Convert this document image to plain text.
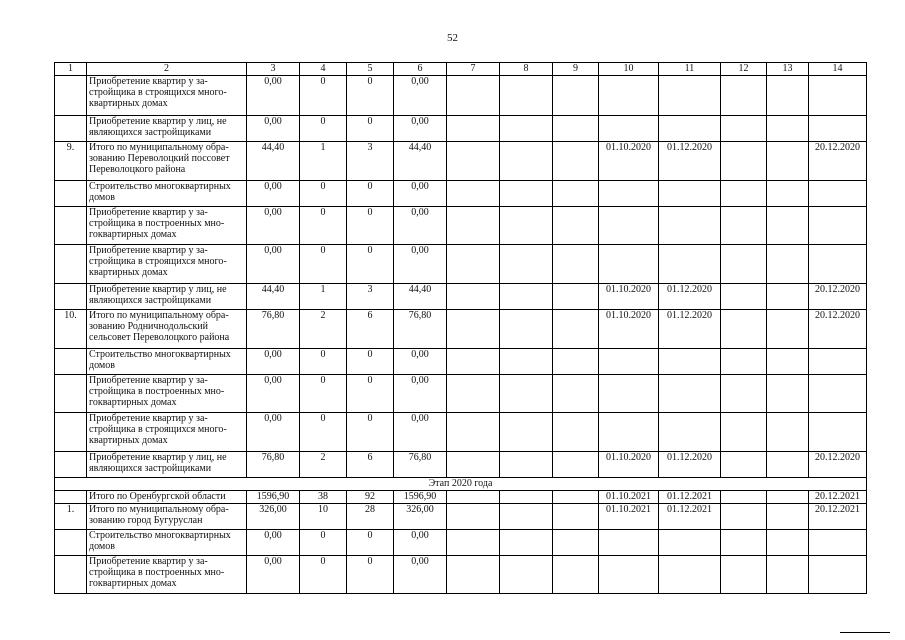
52
1	2	3	4	5	6	7	8	9	10	11	12	13	14
	Приобретение квартир у за-стройщика в строящихся много-квартирных домах	0,00	0	0	0,00								
	Приобретение квартир у лиц, не являющихся застройщиками	0,00	0	0	0,00								
9.	Итого по муниципальному обра-зованию Переволоцкий поссовет Переволоцкого района	44,40	1	3	44,40				01.10.2020	01.12.2020			20.12.2020
	Строительство многоквартирных домов	0,00	0	0	0,00								
	Приобретение квартир у за-стройщика в построенных мно-гоквартирных домах	0,00	0	0	0,00								
	Приобретение квартир у за-стройщика в строящихся много-квартирных домах	0,00	0	0	0,00								
	Приобретение квартир у лиц, не являющихся застройщиками	44,40	1	3	44,40				01.10.2020	01.12.2020			20.12.2020
10.	Итого по муниципальному обра-зованию Родничнодольский сельсовет Переволоцкого района	76,80	2	6	76,80				01.10.2020	01.12.2020			20.12.2020
	Строительство многоквартирных домов	0,00	0	0	0,00								
	Приобретение квартир у за-стройщика в построенных мно-гоквартирных домах	0,00	0	0	0,00								
	Приобретение квартир у за-стройщика в строящихся много-квартирных домах	0,00	0	0	0,00								
	Приобретение квартир у лиц, не являющихся застройщиками	76,80	2	6	76,80				01.10.2020	01.12.2020			20.12.2020
Этап 2020 года													
	Итого по Оренбургской области	1596,90	38	92	1596,90				01.10.2021	01.12.2021			20.12.2021
1.	Итого по муниципальному обра-зованию город Бугуруслан	326,00	10	28	326,00				01.10.2021	01.12.2021			20.12.2021
	Строительство многоквартирных домов	0,00	0	0	0,00								
	Приобретение квартир у за-стройщика в построенных мно-гоквартирных домах	0,00	0	0	0,00								
